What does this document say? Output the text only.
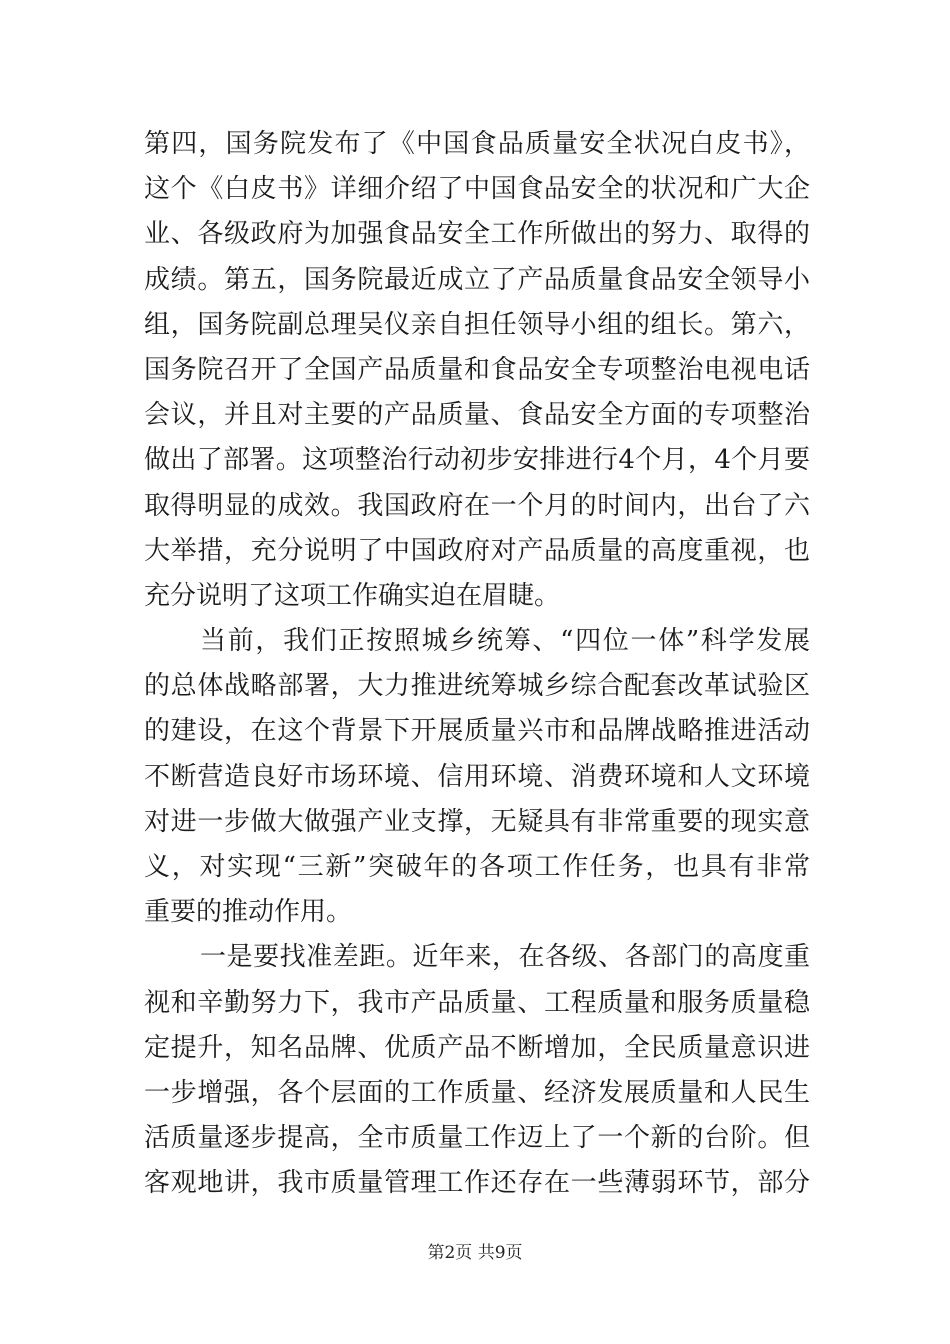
第四，国务院发布了《中国食品质量安全状况白皮书》，
这个《白皮书》详细介绍了中国食品安全的状况和广大企
业、各级政府为加强食品安全工作所做出的努力、取得的
成绩。第五，国务院最近成立了产品质量食品安全领导小
组，国务院副总理吴仪亲自担任领导小组的组长。第六，
国务院召开了全国产品质量和食品安全专项整治电视电话
会议，并且对主要的产品质量、食品安全方面的专项整治
做出了部署。这项整治行动初步安排进行4个月，4个月要
取得明显的成效。我国政府在一个月的时间内，出台了六
大举措，充分说明了中国政府对产品质量的高度重视，也
充分说明了这项工作确实迫在眉睫。
当前，我们正按照城乡统筹、“四位一体”科学发展
的总体战略部署，大力推进统筹城乡综合配套改革试验区
的建设，在这个背景下开展质量兴市和品牌战略推进活动
不断营造良好市场环境、信用环境、消费环境和人文环境
对进一步做大做强产业支撑，无疑具有非常重要的现实意
义，对实现“三新”突破年的各项工作任务，也具有非常
重要的推动作用。
一是要找准差距。近年来，在各级、各部门的高度重
视和辛勤努力下，我市产品质量、工程质量和服务质量稳
定提升，知名品牌、优质产品不断增加，全民质量意识进
一步增强，各个层面的工作质量、经济发展质量和人民生
活质量逐步提高，全市质量工作迈上了一个新的台阶。但
客观地讲，我市质量管理工作还存在一些薄弱环节，部分
第2页 共9页
